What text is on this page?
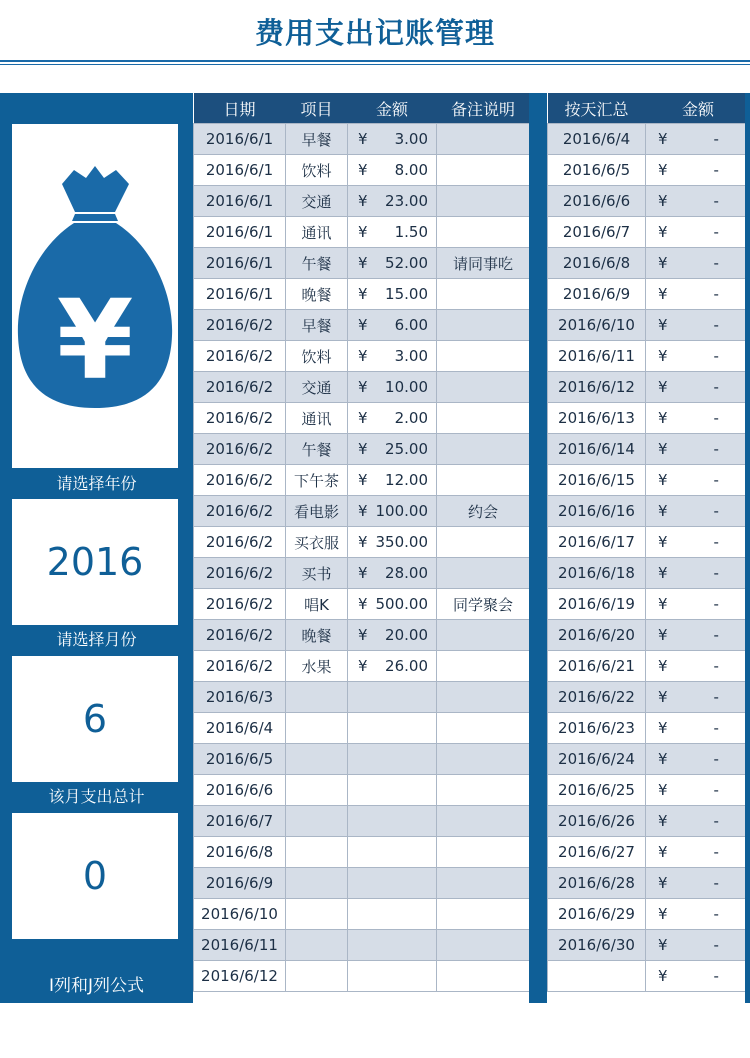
费用支出记账管理
¥
请选择年份
2016
请选择月份
6
该月支出总计
0
I列和J列公式
日期	项目	金额	备注说明
2016/6/1	早餐	¥ 3.00	

2016/6/1	饮料	¥ 8.00	

2016/6/1	交通	¥ 23.00	

2016/6/1	通讯	¥ 1.50	

2016/6/1	午餐	¥ 52.00	请同事吃
2016/6/1	晚餐	¥ 15.00	

2016/6/2	早餐	¥ 6.00	

2016/6/2	饮料	¥ 3.00	

2016/6/2	交通	¥ 10.00	

2016/6/2	通讯	¥ 2.00	

2016/6/2	午餐	¥ 25.00	

2016/6/2	下午茶	¥ 12.00	

2016/6/2	看电影	¥ 100.00	约会
2016/6/2	买衣服	¥ 350.00	

2016/6/2	买书	¥ 28.00	

2016/6/2	唱K	¥ 500.00	同学聚会
2016/6/2	晚餐	¥ 20.00	

2016/6/2	水果	¥ 26.00	

2016/6/3		

2016/6/4		

2016/6/5		

2016/6/6		

2016/6/7		

2016/6/8		

2016/6/9		

2016/6/10		

2016/6/11		

2016/6/12		

按天汇总	金额
2016/6/4	¥ -

2016/6/5	¥ -

2016/6/6	¥ -

2016/6/7	¥ -

2016/6/8	¥ -

2016/6/9	¥ -

2016/6/10	¥ -

2016/6/11	¥ -

2016/6/12	¥ -

2016/6/13	¥ -

2016/6/14	¥ -

2016/6/15	¥ -

2016/6/16	¥ -

2016/6/17	¥ -

2016/6/18	¥ -

2016/6/19	¥ -

2016/6/20	¥ -

2016/6/21	¥ -

2016/6/22	¥ -

2016/6/23	¥ -

2016/6/24	¥ -

2016/6/25	¥ -

2016/6/26	¥ -

2016/6/27	¥ -

2016/6/28	¥ -

2016/6/29	¥ -

2016/6/30	¥ -

	¥ -
